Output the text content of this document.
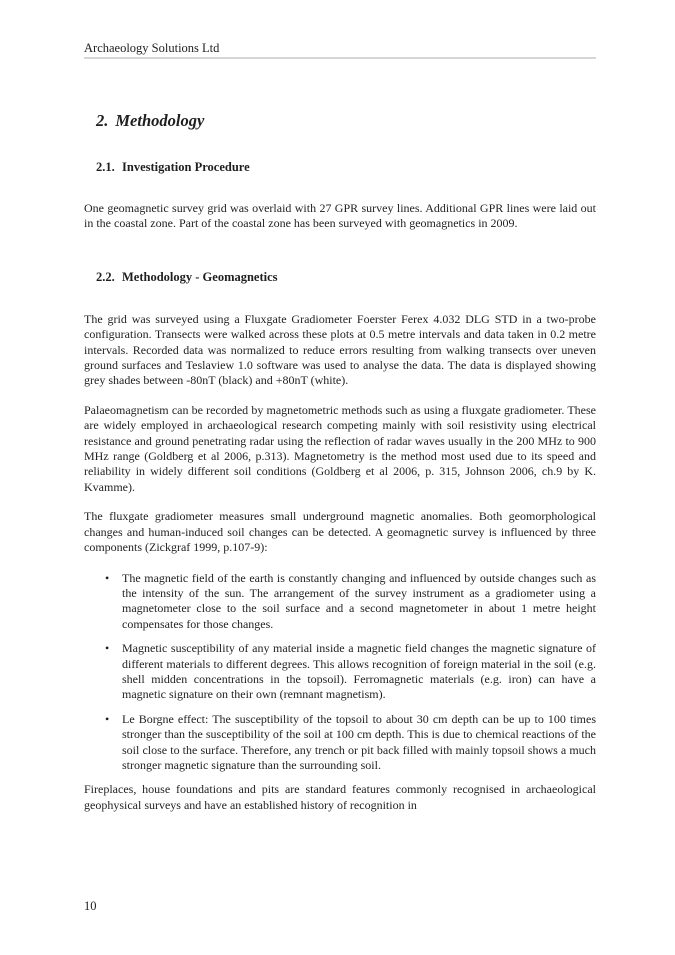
Archaeology Solutions Ltd
2. Methodology
2.1. Investigation Procedure

One geomagnetic survey grid was overlaid with 27 GPR survey lines. Additional GPR lines were laid out in the coastal zone. Part of the coastal zone has been surveyed with geomagnetics in 2009.

2.2. Methodology - Geomagnetics

The grid was surveyed using a Fluxgate Gradiometer Foerster Ferex 4.032 DLG STD in a two-probe configuration. Transects were walked across these plots at 0.5 metre intervals and data taken in 0.2 metre intervals. Recorded data was normalized to reduce errors resulting from walking transects over uneven ground surfaces and Teslaview 1.0 software was used to analyse the data. The data is displayed showing grey shades between -80nT (black) and +80nT (white).

Palaeomagnetism can be recorded by magnetometric methods such as using a fluxgate gradiometer. These are widely employed in archaeological research competing mainly with soil resistivity using electrical resistance and ground penetrating radar using the reflection of radar waves usually in the 200 MHz to 900 MHz range (Goldberg et al 2006, p.313). Magnetometry is the method most used due to its speed and reliability in widely different soil conditions (Goldberg et al 2006, p. 315, Johnson 2006, ch.9 by K. Kvamme).

The fluxgate gradiometer measures small underground magnetic anomalies. Both geomorphological changes and human-induced soil changes can be detected. A geomagnetic survey is influenced by three components (Zickgraf 1999, p.107-9):

•	The magnetic field of the earth is constantly changing and influenced by outside changes such as the intensity of the sun. The arrangement of the survey instrument as a gradiometer using a magnetometer close to the soil surface and a second magnetometer in about 1 metre height compensates for those changes.
•	Magnetic susceptibility of any material inside a magnetic field changes the magnetic signature of different materials to different degrees. This allows recognition of foreign material in the soil (e.g. shell midden concentrations in the topsoil). Ferromagnetic materials (e.g. iron) can have a magnetic signature on their own (remnant magnetism).
•	Le Borgne effect: The susceptibility of the topsoil to about 30 cm depth can be up to 100 times stronger than the susceptibility of the soil at 100 cm depth. This is due to chemical reactions of the soil close to the surface. Therefore, any trench or pit back filled with mainly topsoil shows a much stronger magnetic signature than the surrounding soil.

Fireplaces, house foundations and pits are standard features commonly recognised in archaeological geophysical surveys and have an established history of recognition in

10
